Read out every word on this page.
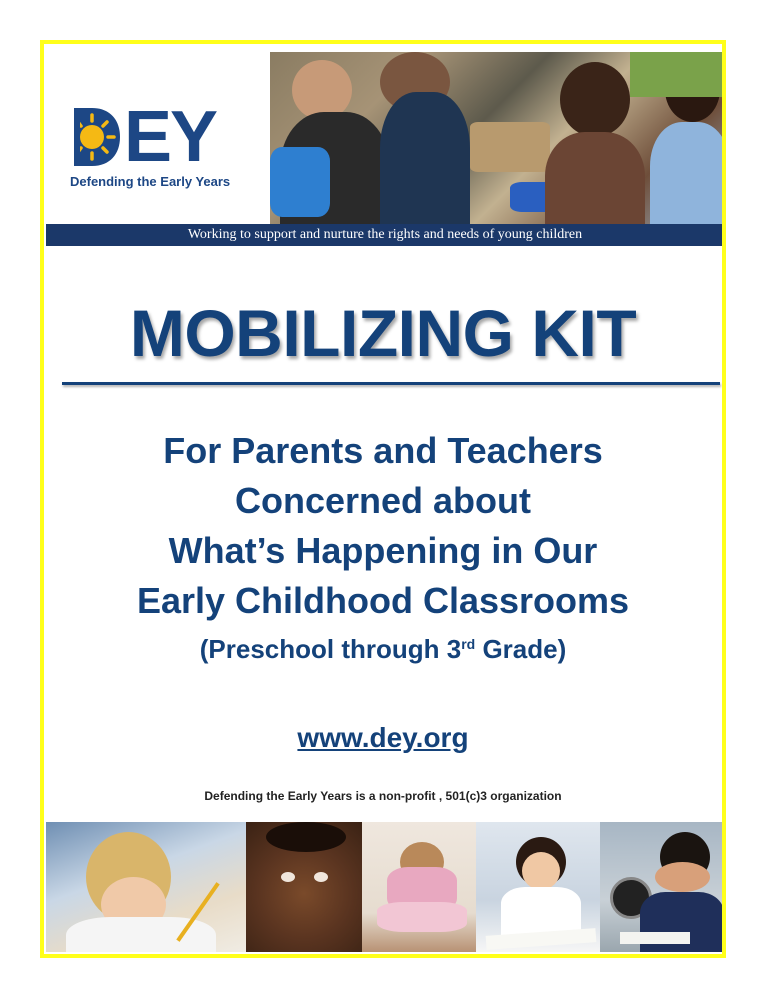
EY
Defending the Early Years
Working to support and nurture the rights and needs of young children
MOBILIZING KIT
For Parents and Teachers
Concerned about
What’s Happening in Our
Early Childhood Classrooms
(Preschool through 3rd Grade)
www.dey.org
Defending the Early Years is a non-profit , 501(c)3 organization
